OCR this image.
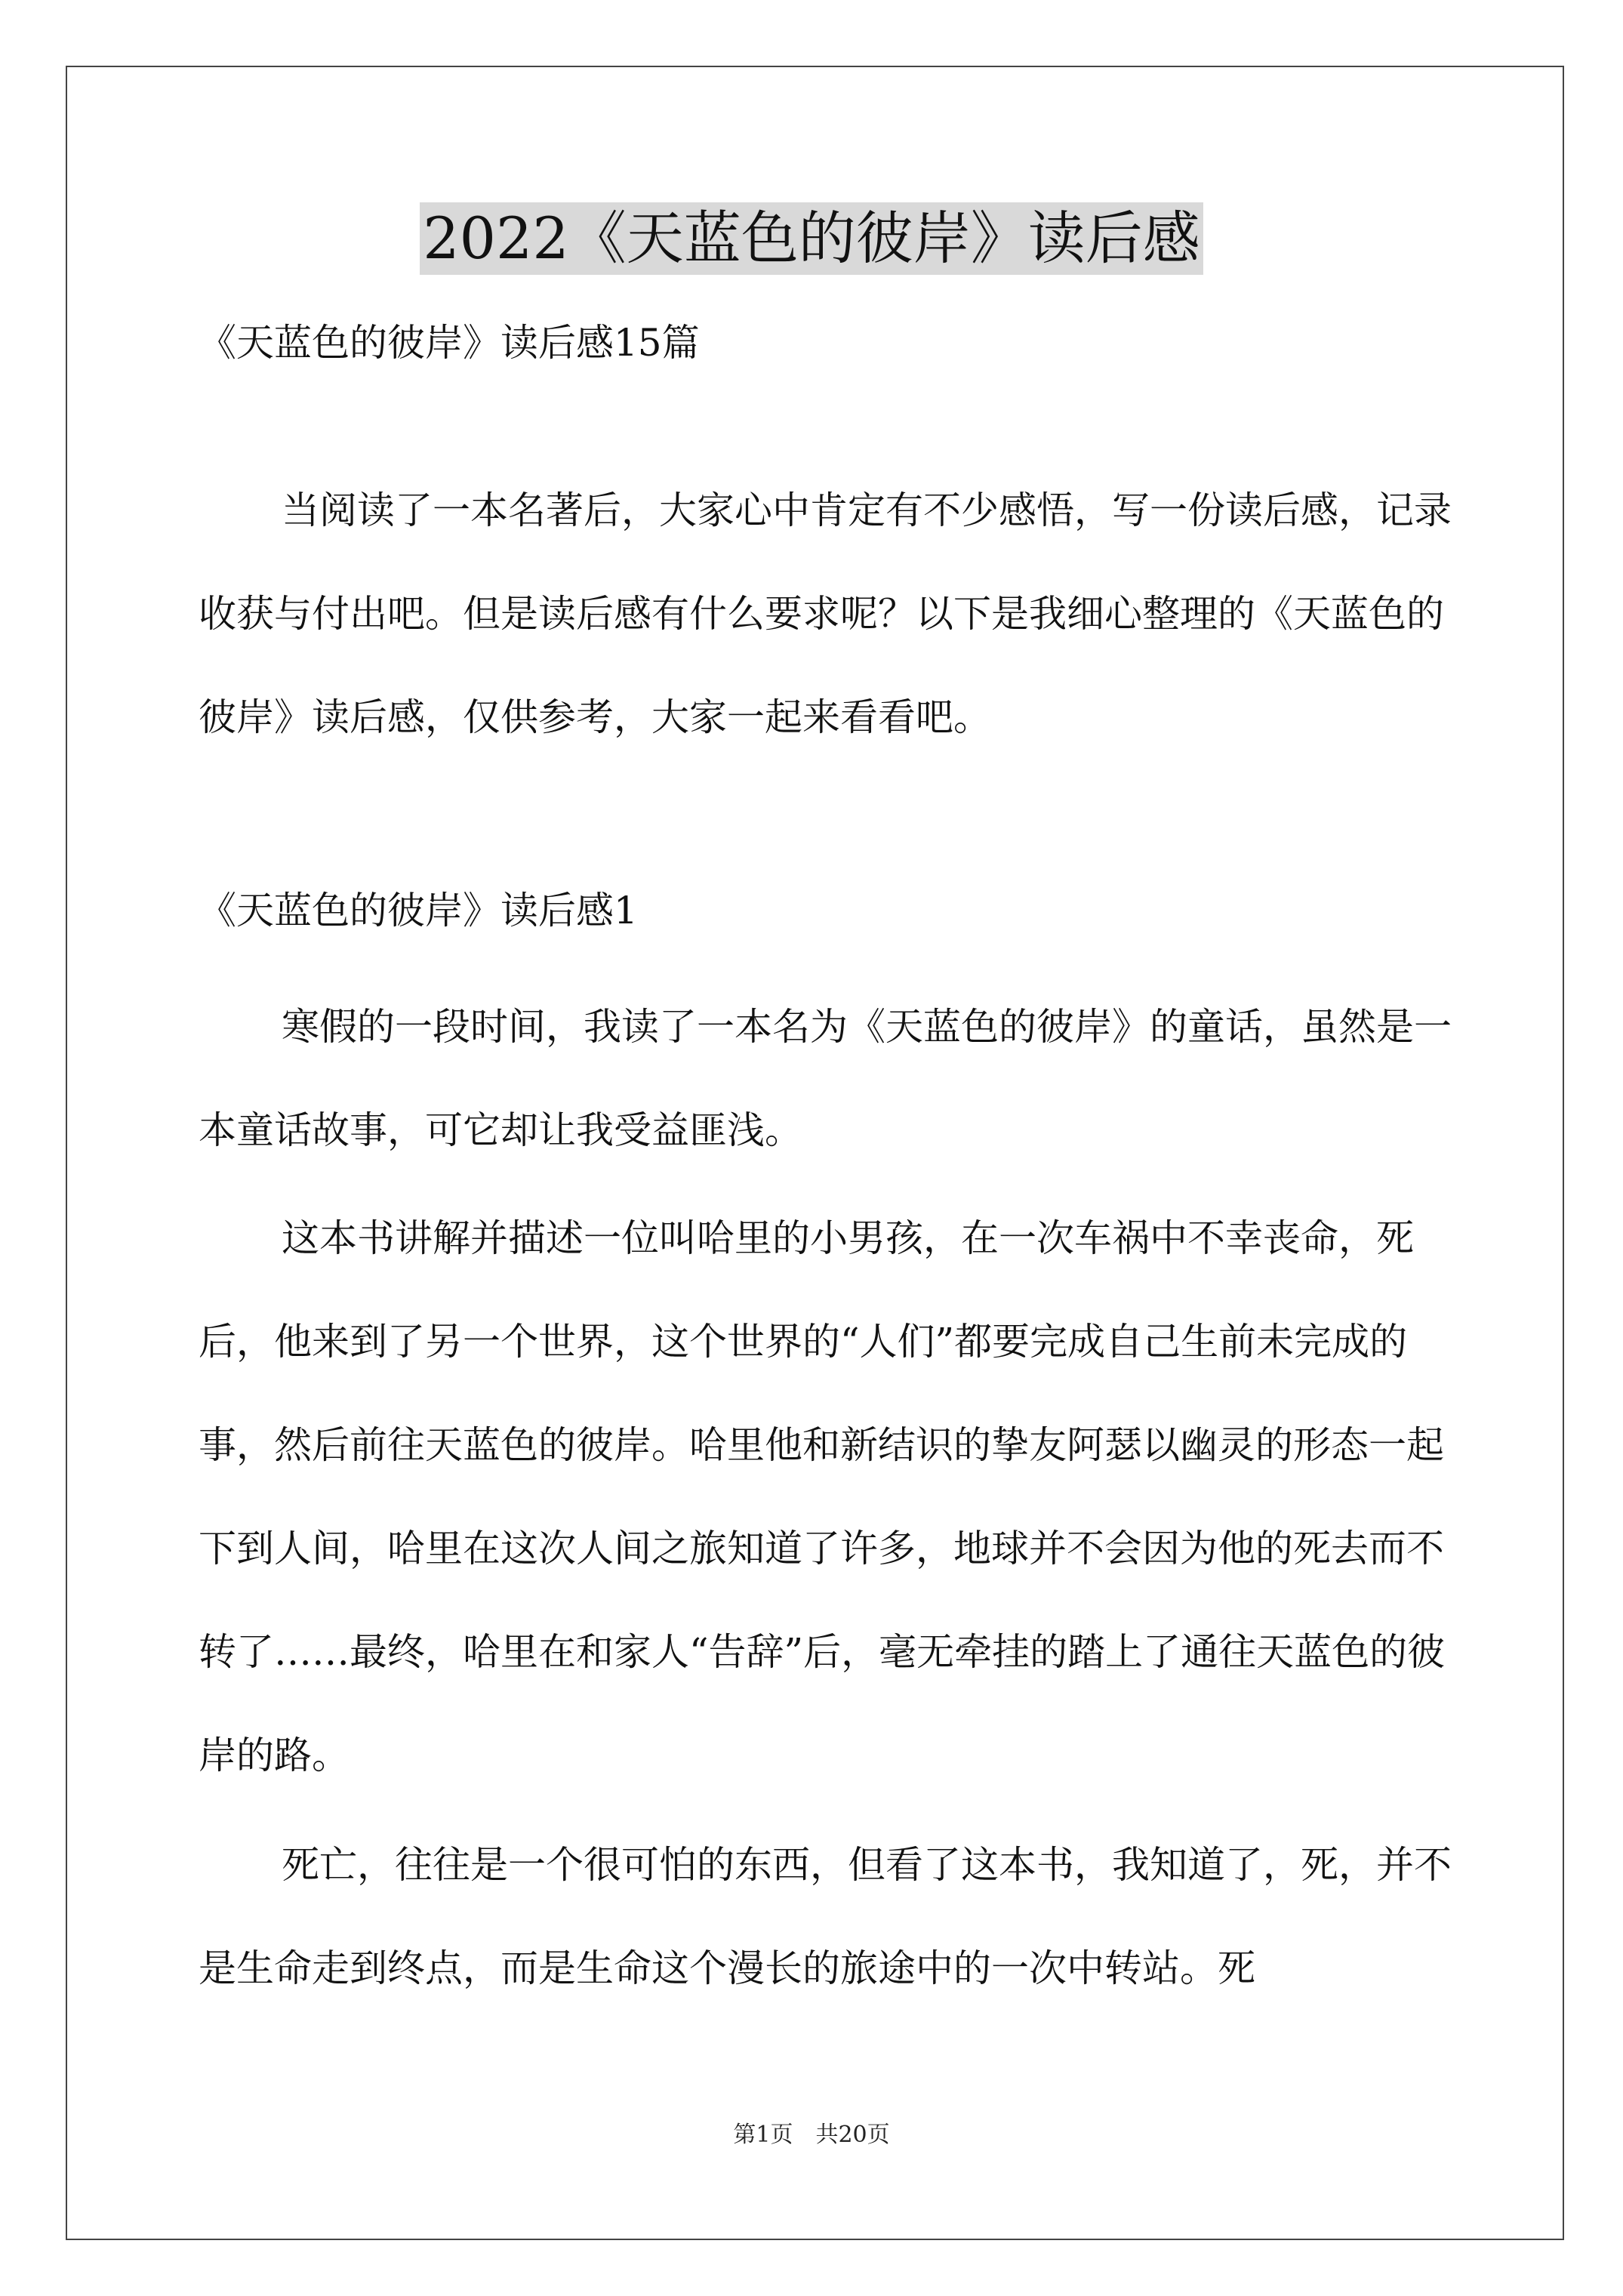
2022《天蓝色的彼岸》读后感
《天蓝色的彼岸》读后感15篇
当阅读了一本名著后，大家心中肯定有不少感悟，写一份读后感，记录收获与付出吧。但是读后感有什么要求呢？以下是我细心整理的《天蓝色的彼岸》读后感，仅供参考，大家一起来看看吧。
《天蓝色的彼岸》读后感1
寒假的一段时间，我读了一本名为《天蓝色的彼岸》的童话，虽然是一本童话故事，可它却让我受益匪浅。
这本书讲解并描述一位叫哈里的小男孩，在一次车祸中不幸丧命，死后，他来到了另一个世界，这个世界的“人们”都要完成自己生前未完成的事，然后前往天蓝色的彼岸。哈里他和新结识的挚友阿瑟以幽灵的形态一起下到人间，哈里在这次人间之旅知道了许多，地球并不会因为他的死去而不转了……最终，哈里在和家人“告辞”后，毫无牵挂的踏上了通往天蓝色的彼岸的路。
死亡，往往是一个很可怕的东西，但看了这本书，我知道了，死，并不是生命走到终点，而是生命这个漫长的旅途中的一次中转站。死
第1页　共20页
